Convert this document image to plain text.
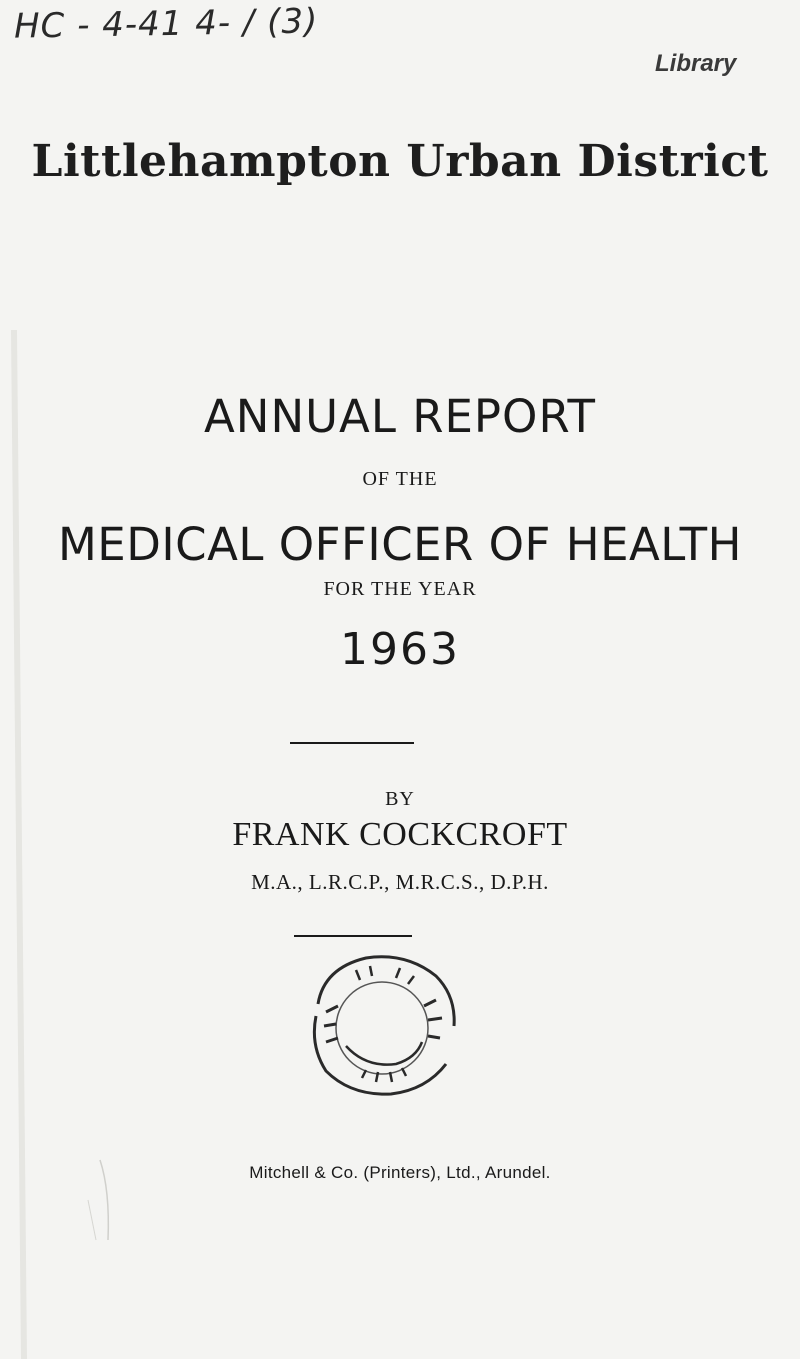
HC - 4-41 4- / (3)
Library
Littlehampton Urban District
ANNUAL REPORT
OF THE
MEDICAL OFFICER OF HEALTH
FOR THE YEAR
1963
BY
FRANK COCKCROFT
M.A., L.R.C.P., M.R.C.S., D.P.H.
Mitchell & Co. (Printers), Ltd., Arundel.
